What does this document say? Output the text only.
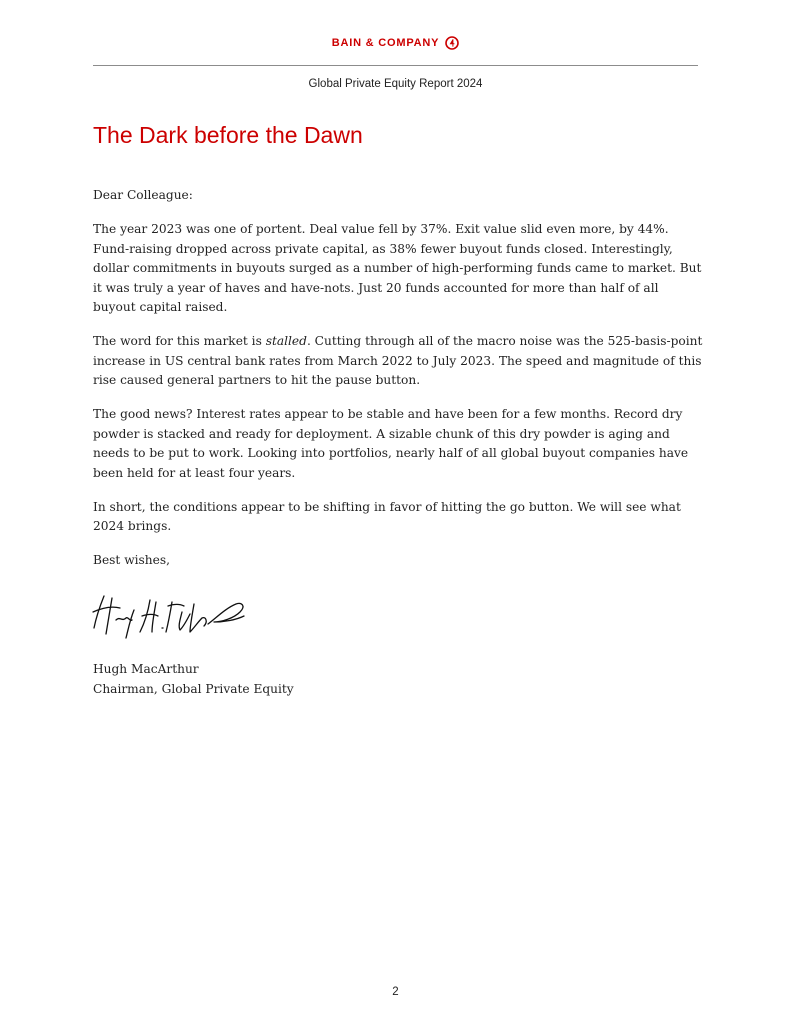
BAIN & COMPANY
Global Private Equity Report 2024
The Dark before the Dawn

Dear Colleague:

The year 2023 was one of portent. Deal value fell by 37%. Exit value slid even more, by 44%. Fund-raising dropped across private capital, as 38% fewer buyout funds closed. Interestingly, dollar commitments in buyouts surged as a number of high-performing funds came to market. But it was truly a year of haves and have-nots. Just 20 funds accounted for more than half of all buyout capital raised.

The word for this market is stalled. Cutting through all of the macro noise was the 525-basis-point increase in US central bank rates from March 2022 to July 2023. The speed and magnitude of this rise caused general partners to hit the pause button.

The good news? Interest rates appear to be stable and have been for a few months. Record dry powder is stacked and ready for deployment. A sizable chunk of this dry powder is aging and needs to be put to work. Looking into portfolios, nearly half of all global buyout companies have been held for at least four years.

In short, the conditions appear to be shifting in favor of hitting the go button. We will see what 2024 brings.

Best wishes,

Hugh MacArthur
Chairman, Global Private Equity
2
